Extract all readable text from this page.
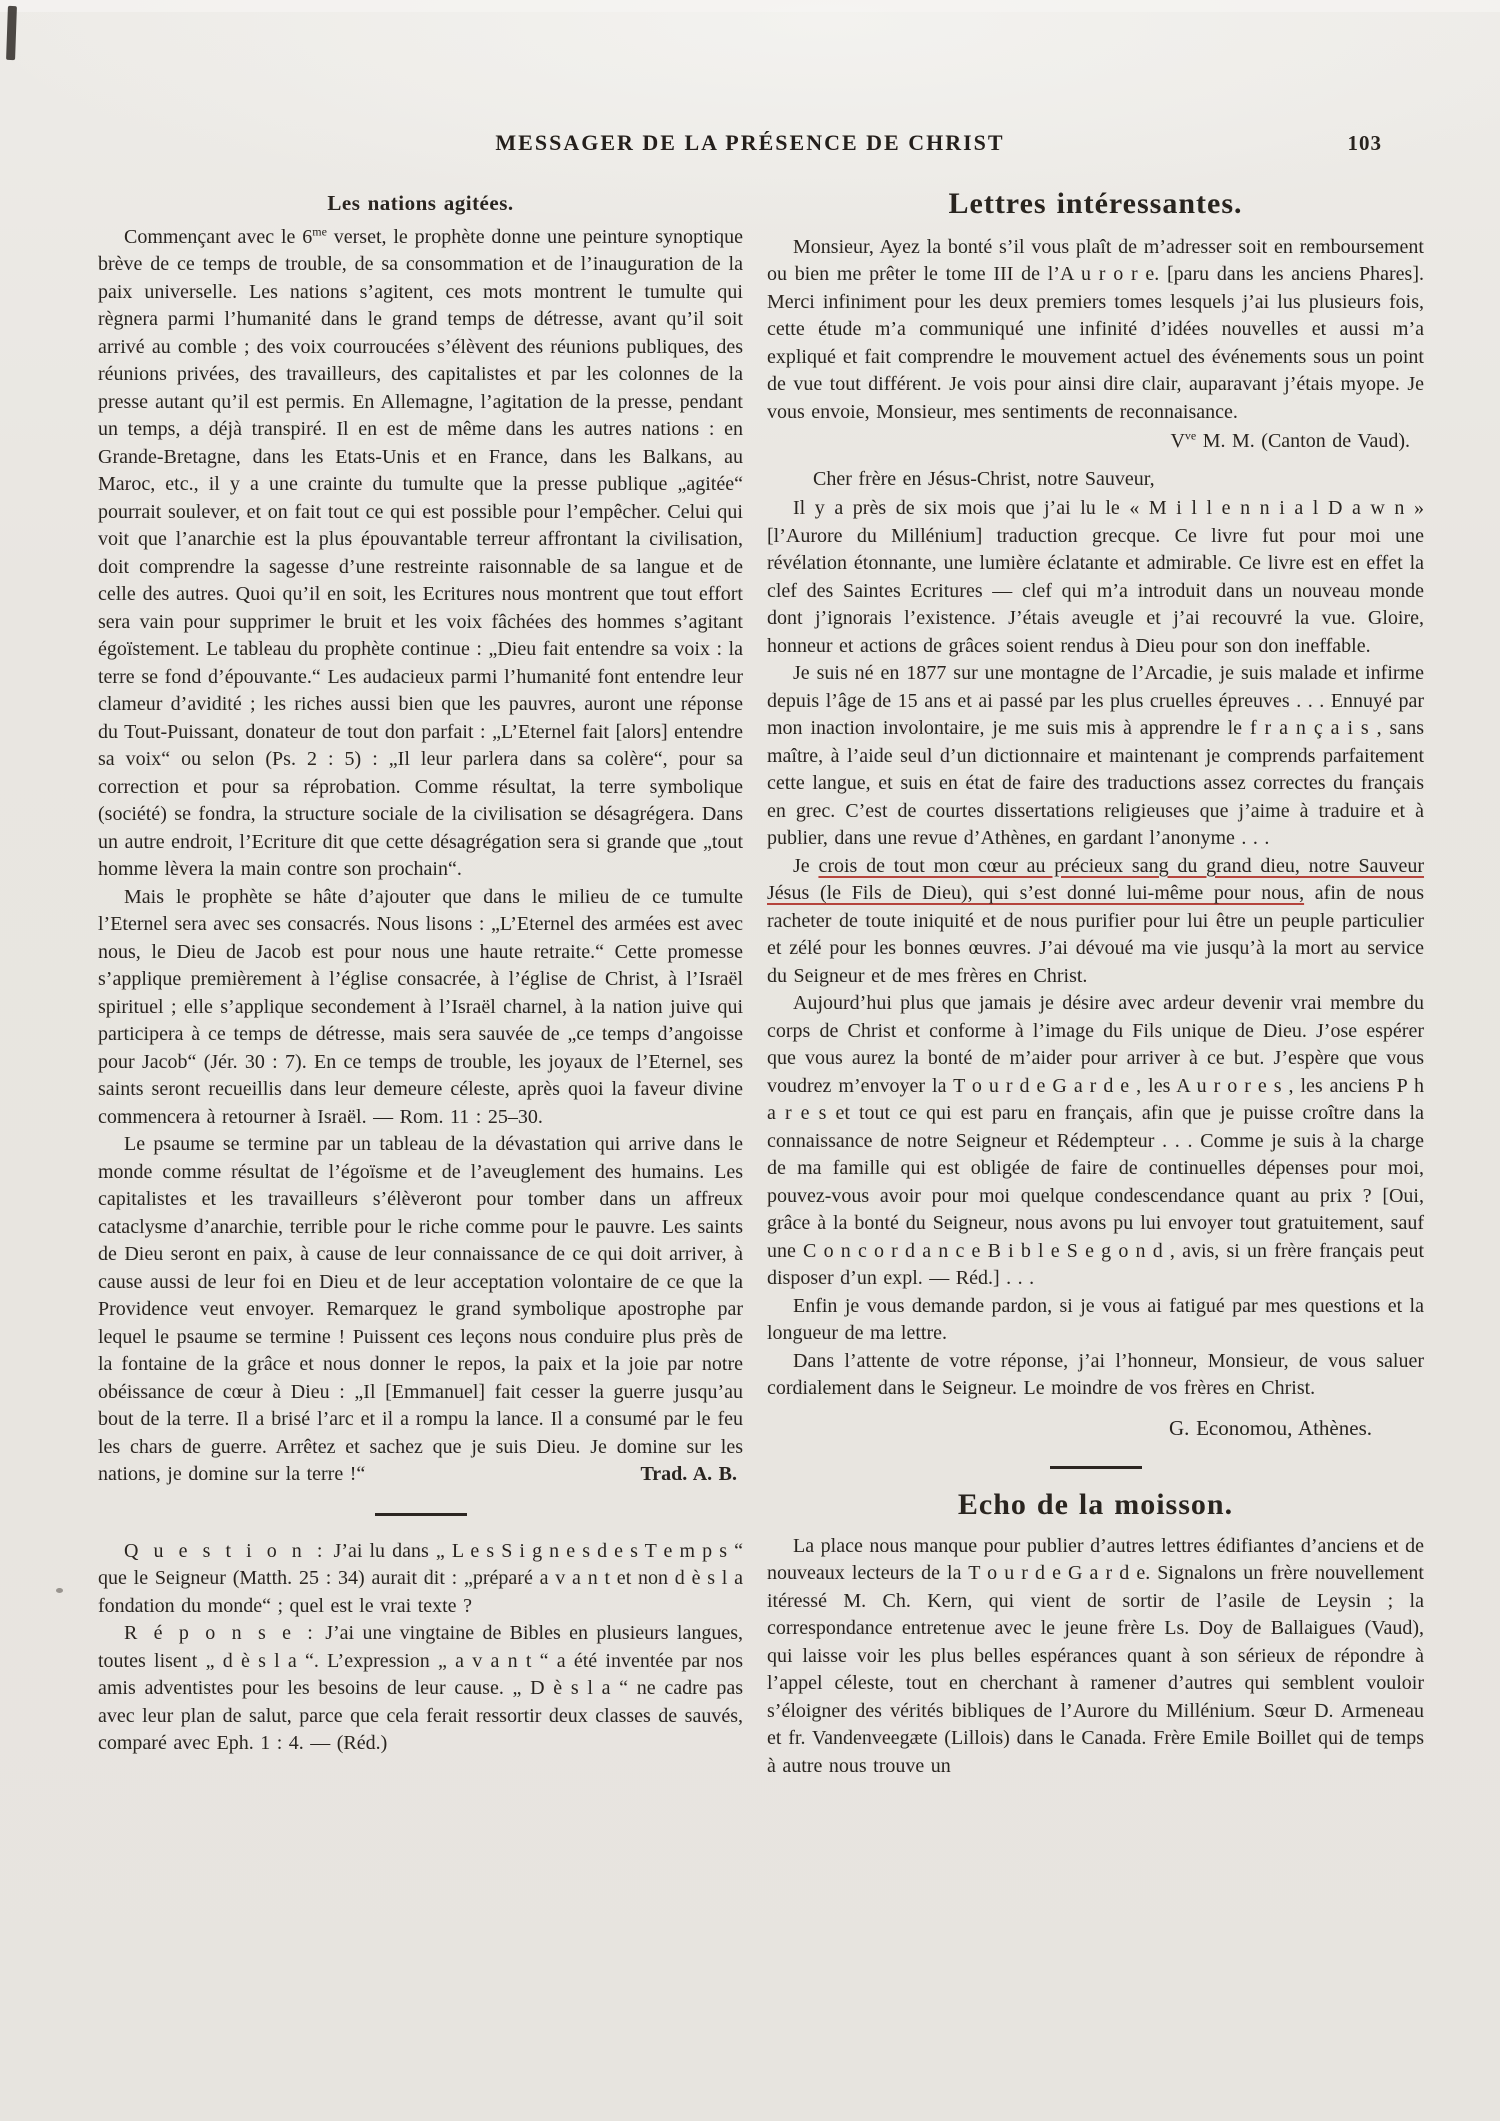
MESSAGER DE LA PRÉSENCE DE CHRIST	103
Les nations agitées.

Commençant avec le $6^{me}$ verset, le prophète donne une peinture synoptique brève de ce temps de trouble, de sa consommation et de l’inauguration de la paix universelle. Les nations s’agitent, ces mots montrent le tumulte qui règnera parmi l’humanité dans le grand temps de détresse, avant qu’il soit arrivé au comble ; des voix courroucées s’élèvent des réunions publiques, des réunions privées, des travailleurs, des capitalistes et par les colonnes de la presse autant qu’il est permis. En Allemagne, l’agitation de la presse, pendant un temps, a déjà transpiré. Il en est de même dans les autres nations : en Grande-Bretagne, dans les Etats-Unis et en France, dans les Balkans, au Maroc, etc., il y a une crainte du tumulte que la presse publique „agitée“ pourrait soulever, et on fait tout ce qui est possible pour l’empêcher. Celui qui voit que l’anarchie est la plus épouvantable terreur affrontant la civilisation, doit comprendre la sagesse d’une restreinte raisonnable de sa langue et de celle des autres. Quoi qu’il en soit, les Ecritures nous montrent que tout effort sera vain pour supprimer le bruit et les voix fâchées des hommes s’agitant égoïstement. Le tableau du prophète continue : „Dieu fait entendre sa voix : la terre se fond d’épouvante.“ Les audacieux parmi l’humanité font entendre leur clameur d’avidité ; les riches aussi bien que les pauvres, auront une réponse du Tout-Puissant, donateur de tout don parfait : „L’Eternel fait [alors] entendre sa voix“ ou selon (Ps. 2 : 5) : „Il leur parlera dans sa colère“, pour sa correction et pour sa réprobation. Comme résultat, la terre symbolique (société) se fondra, la structure sociale de la civilisation se désagrégera. Dans un autre endroit, l’Ecriture dit que cette désagrégation sera si grande que „tout homme lèvera la main contre son prochain“.

Mais le prophète se hâte d’ajouter que dans le milieu de ce tumulte l’Eternel sera avec ses consacrés. Nous lisons : „L’Eternel des armées est avec nous, le Dieu de Jacob est pour nous une haute retraite.“ Cette promesse s’applique premièrement à l’église consacrée, à l’église de Christ, à l’Israël spirituel ; elle s’applique secondement à l’Israël charnel, à la nation juive qui participera à ce temps de détresse, mais sera sauvée de „ce temps d’angoisse pour Jacob“ (Jér. 30 : 7). En ce temps de trouble, les joyaux de l’Eternel, ses saints seront recueillis dans leur demeure céleste, après quoi la faveur divine commencera à retourner à Israël. — Rom. 11 : 25–30.

Le psaume se termine par un tableau de la dévastation qui arrive dans le monde comme résultat de l’égoïsme et de l’aveuglement des humains. Les capitalistes et les travailleurs s’élèveront pour tomber dans un affreux cataclysme d’anarchie, terrible pour le riche comme pour le pauvre. Les saints de Dieu seront en paix, à cause de leur connaissance de ce qui doit arriver, à cause aussi de leur foi en Dieu et de leur acceptation volontaire de ce que la Providence veut envoyer. Remarquez le grand symbolique apostrophe par lequel le psaume se termine ! Puissent ces leçons nous conduire plus près de la fontaine de la grâce et nous donner le repos, la paix et la joie par notre obéissance de cœur à Dieu : „Il [Emmanuel] fait cesser la guerre jusqu’au bout de la terre. Il a brisé l’arc et il a rompu la lance. Il a consumé par le feu les chars de guerre. Arrêtez et sachez que je suis Dieu. Je domine sur les nations, je domine sur la terre !“	Trad. A. B.

Q u e s t i o n : J’ai lu dans „ L e s S i g n e s d e s T e m p s “ que le Seigneur (Matth. 25 : 34) aurait dit : „préparé a v a n t et non d è s l a fondation du monde“ ; quel est le vrai texte ?

R é p o n s e : J’ai une vingtaine de Bibles en plusieurs langues, toutes lisent „ d è s l a “. L’expression „ a v a n t “ a été inventée par nos amis adventistes pour les besoins de leur cause. „ D è s l a “ ne cadre pas avec leur plan de salut, parce que cela ferait ressortir deux classes de sauvés, comparé avec Eph. 1 : 4. — (Réd.)

Lettres intéressantes.

Monsieur, Ayez la bonté s’il vous plaît de m’adresser soit en remboursement ou bien me prêter le tome III de l’A u r o r e. [paru dans les anciens Phares]. Merci infiniment pour les deux premiers tomes lesquels j’ai lus plusieurs fois, cette étude m’a communiqué une infinité d’idées nouvelles et aussi m’a expliqué et fait comprendre le mouvement actuel des événements sous un point de vue tout différent. Je vois pour ainsi dire clair, auparavant j’étais myope. Je vous envoie, Monsieur, mes sentiments de reconnaisance.

$V^{ve}$ M. M. (Canton de Vaud).

Cher frère en Jésus-Christ, notre Sauveur,

Il y a près de six mois que j’ai lu le « M i l l e n n i a l D a w n » [l’Aurore du Millénium] traduction grecque. Ce livre fut pour moi une révélation étonnante, une lumière éclatante et admirable. Ce livre est en effet la clef des Saintes Ecritures — clef qui m’a introduit dans un nouveau monde dont j’ignorais l’existence. J’étais aveugle et j’ai recouvré la vue. Gloire, honneur et actions de grâces soient rendus à Dieu pour son don ineffable.

Je suis né en 1877 sur une montagne de l’Arcadie, je suis malade et infirme depuis l’âge de 15 ans et ai passé par les plus cruelles épreuves . . . Ennuyé par mon inaction involontaire, je me suis mis à apprendre le f r a n ç a i s , sans maître, à l’aide seul d’un dictionnaire et maintenant je comprends parfaitement cette langue, et suis en état de faire des traductions assez correctes du français en grec. C’est de courtes dissertations religieuses que j’aime à traduire et à publier, dans une revue d’Athènes, en gardant l’anonyme . . .

Je crois de tout mon cœur au précieux sang du grand dieu, notre Sauveur Jésus (le Fils de Dieu), qui s’est donné lui-même pour nous, afin de nous racheter de toute iniquité et de nous purifier pour lui être un peuple particulier et zélé pour les bonnes œuvres. J’ai dévoué ma vie jusqu’à la mort au service du Seigneur et de mes frères en Christ.

Aujourd’hui plus que jamais je désire avec ardeur devenir vrai membre du corps de Christ et conforme à l’image du Fils unique de Dieu. J’ose espérer que vous aurez la bonté de m’aider pour arriver à ce but. J’espère que vous voudrez m’envoyer la T o u r d e G a r d e , les A u r o r e s , les anciens P h a r e s et tout ce qui est paru en français, afin que je puisse croître dans la connaissance de notre Seigneur et Rédempteur . . . Comme je suis à la charge de ma famille qui est obligée de faire de continuelles dépenses pour moi, pouvez-vous avoir pour moi quelque condescendance quant au prix ? [Oui, grâce à la bonté du Seigneur, nous avons pu lui envoyer tout gratuitement, sauf une C o n c o r d a n c e B i b l e S e g o n d , avis, si un frère français peut disposer d’un expl. — Réd.] . . .

Enfin je vous demande pardon, si je vous ai fatigué par mes questions et la longueur de ma lettre.

Dans l’attente de votre réponse, j’ai l’honneur, Monsieur, de vous saluer cordialement dans le Seigneur. Le moindre de vos frères en Christ.

G. Economou, Athènes.

Echo de la moisson.

La place nous manque pour publier d’autres lettres édifiantes d’anciens et de nouveaux lecteurs de la T o u r d e G a r d e. Signalons un frère nouvellement itéressé M. Ch. Kern, qui vient de sortir de l’asile de Leysin ; la correspondance entretenue avec le jeune frère Ls. Doy de Ballaigues (Vaud), qui laisse voir les plus belles espérances quant à son sérieux de répondre à l’appel céleste, tout en cherchant à ramener d’autres qui semblent vouloir s’éloigner des vérités bibliques de l’Aurore du Millénium. Sœur D. Armeneau et fr. Vandenveegæte (Lillois) dans le Canada. Frère Emile Boillet qui de temps à autre nous trouve un
